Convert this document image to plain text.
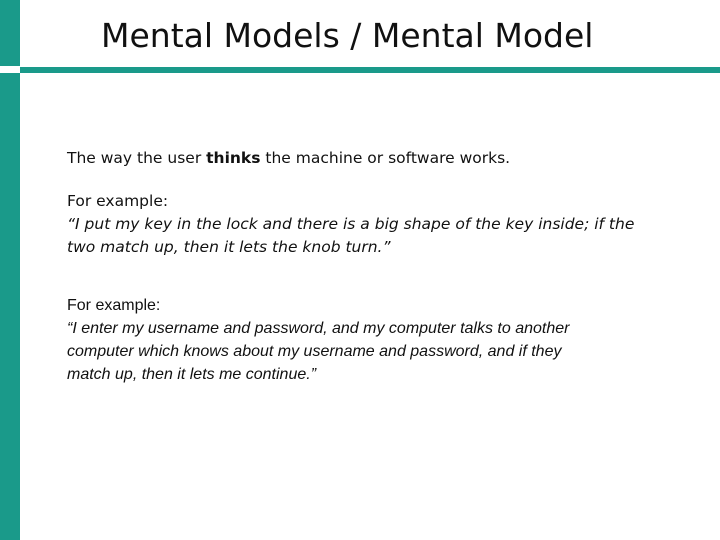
Mental Models / Mental Model
The way the user thinks the machine or software works.
For example:
“I put my key in the lock and there is a big shape of the key inside; if the
two match up, then it lets the knob turn.”
For example:
“I enter my username and password, and my computer talks to another
computer which knows about my username and password, and if they
match up, then it lets me continue.”
